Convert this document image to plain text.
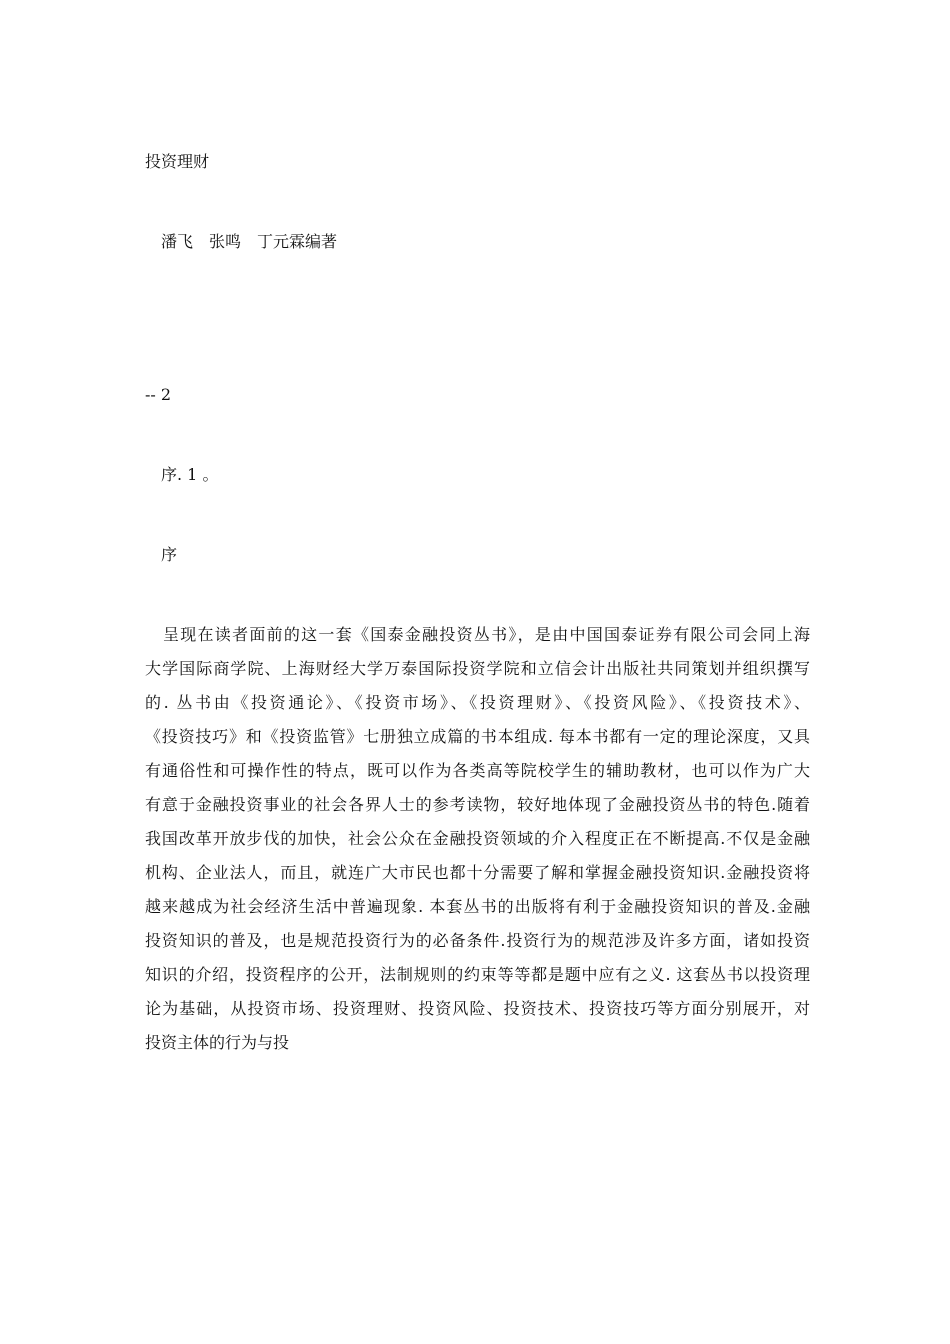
投资理财
潘飞　张鸣　丁元霖编著
-- 2
序. 1 。
序
呈现在读者面前的这一套《国泰金融投资丛书》，是由中国国泰证券有限公司会同上海
大学国际商学院、上海财经大学万泰国际投资学院和立信会计出版社共同策划并组织撰写
的. 丛书由《投资通论》、《投资市场》、《投资理财》、《投资风险》、《投资技术》、
《投资技巧》和《投资监管》七册独立成篇的书本组成. 每本书都有一定的理论深度，又具
有通俗性和可操作性的特点，既可以作为各类高等院校学生的辅助教材，也可以作为广大
有意于金融投资事业的社会各界人士的参考读物，较好地体现了金融投资丛书的特色.随着
我国改革开放步伐的加快，社会公众在金融投资领域的介入程度正在不断提高.不仅是金融
机构、企业法人，而且，就连广大市民也都十分需要了解和掌握金融投资知识.金融投资将
越来越成为社会经济生活中普遍现象. 本套丛书的出版将有利于金融投资知识的普及.金融
投资知识的普及，也是规范投资行为的必备条件.投资行为的规范涉及许多方面，诸如投资
知识的介绍，投资程序的公开，法制规则的约束等等都是题中应有之义. 这套丛书以投资理
论为基础，从投资市场、投资理财、投资风险、投资技术、投资技巧等方面分别展开，对
投资主体的行为与投
